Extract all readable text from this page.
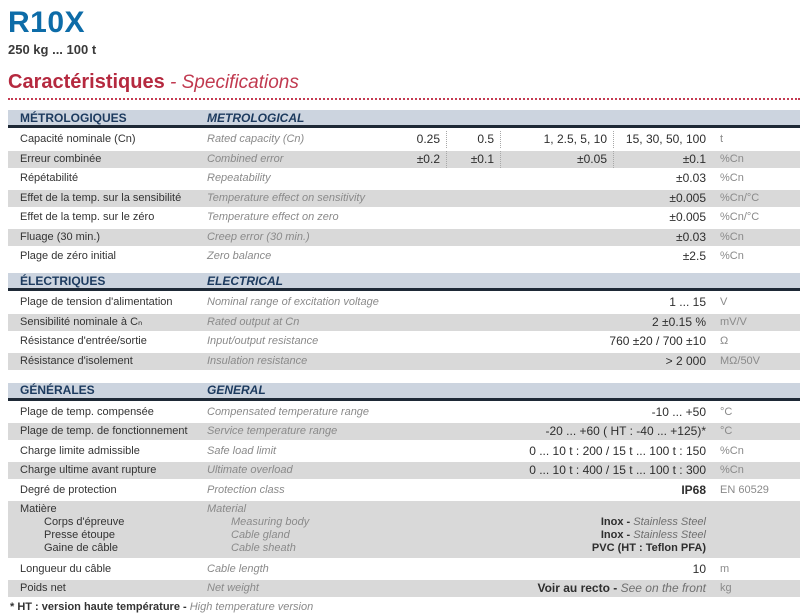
R10X
250 kg ... 100 t
Caractéristiques - Specifications
MÉTROLOGIQUES	METROLOGICAL
Capacité nominale (Cn)	Rated capacity (Cn)	0.25	0.5	1, 2.5, 5, 10	15, 30, 50, 100	t
Erreur combinée	Combined error	±0.2	±0.1	±0.05	±0.1	%Cn
Répétabilité	Repeatability	±0.03	%Cn
Effet de la temp. sur la sensibilité	Temperature effect on sensitivity	±0.005	%Cn/°C
Effet de la temp. sur le zéro	Temperature effect on zero	±0.005	%Cn/°C
Fluage (30 min.)	Creep error (30 min.)	±0.03	%Cn
Plage de zéro initial	Zero balance	±2.5	%Cn
ÉLECTRIQUES	ELECTRICAL
Plage de tension d'alimentation	Nominal range of excitation voltage	1 ... 15	V
Sensibilité nominale à Cₙ	Rated output at Cn	2 ±0.15 %	mV/V
Résistance d'entrée/sortie	Input/output resistance	760 ±20 / 700 ±10	Ω
Résistance d'isolement	Insulation resistance	> 2 000	MΩ/50V
GÉNÉRALES	GENERAL
Plage de temp. compensée	Compensated temperature range	-10 ... +50	°C
Plage de temp. de fonctionnement	Service temperature range	-20 ... +60 ( HT : -40 ... +125)*	°C
Charge limite admissible	Safe load limit	0 ... 10 t : 200 / 15 t ... 100 t : 150	%Cn
Charge ultime avant rupture	Ultimate overload	0 ... 10 t : 400 / 15 t ... 100 t : 300	%Cn
Degré de protection	Protection class	IP68	EN 60529
Matière	Material
Corps d'épreuve	Measuring body	Inox - Stainless Steel
Presse étoupe	Cable gland	Inox - Stainless Steel
Gaine de câble	Cable sheath	PVC (HT : Teflon PFA)
Longueur du câble	Cable length	10	m
Poids net	Net weight	Voir au recto - See on the front	kg
* HT : version haute température - High temperature version
